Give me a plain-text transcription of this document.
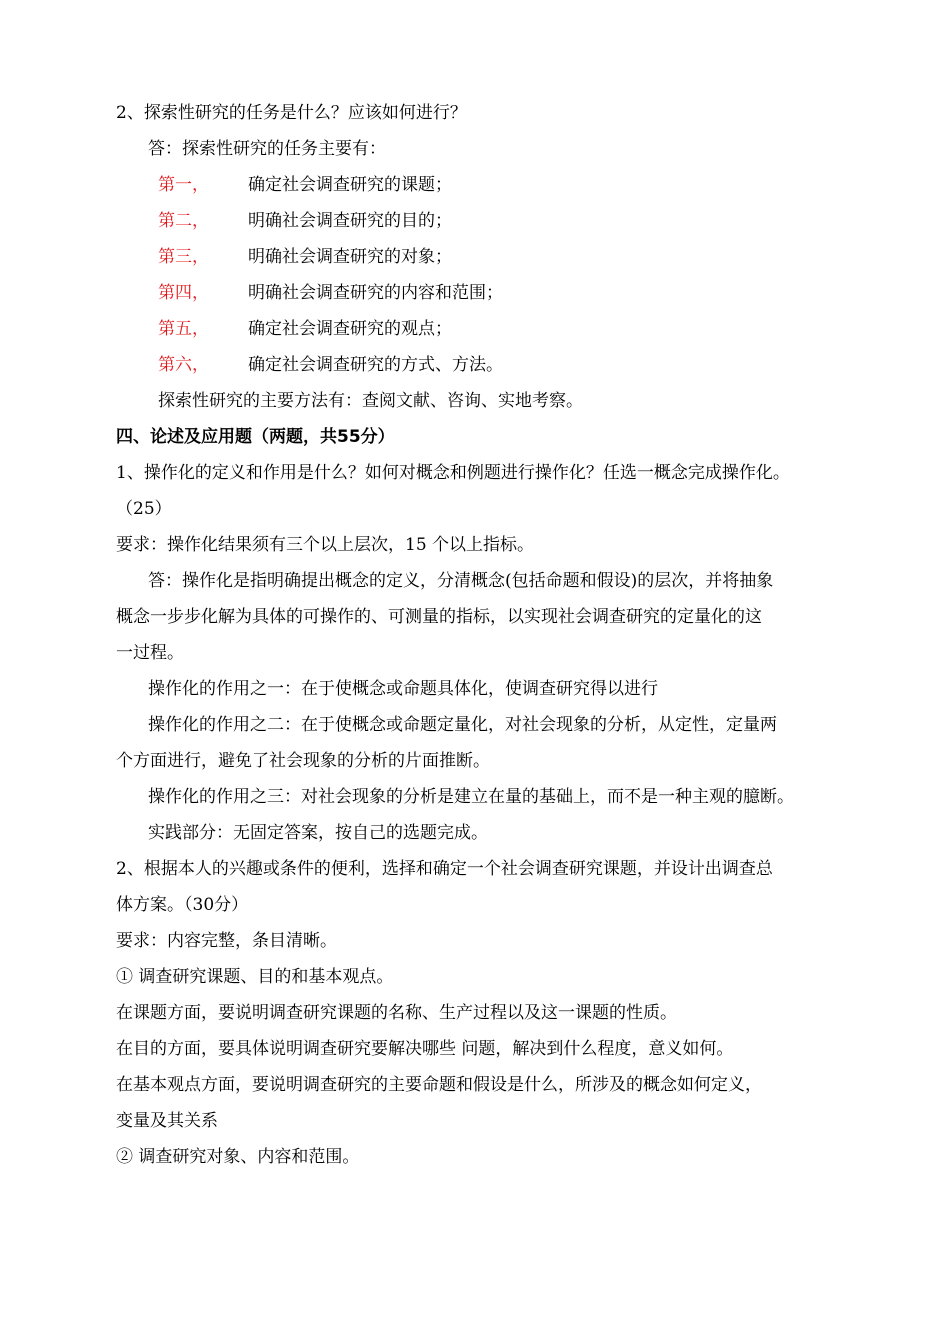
2、探索性研究的任务是什么？应该如何进行？
答：探索性研究的任务主要有：
第一， 确定社会调查研究的课题；
第二， 明确社会调查研究的目的；
第三， 明确社会调查研究的对象；
第四， 明确社会调查研究的内容和范围；
第五， 确定社会调查研究的观点；
第六， 确定社会调查研究的方式、方法。
探索性研究的主要方法有：查阅文献、咨询、实地考察。
四、论述及应用题（两题，共55分）
1、操作化的定义和作用是什么？如何对概念和例题进行操作化？任选一概念完成操作化。
（25）
要求：操作化结果须有三个以上层次，15 个以上指标。
答：操作化是指明确提出概念的定义，分清概念(包括命题和假设)的层次，并将抽象
概念一步步化解为具体的可操作的、可测量的指标，以实现社会调查研究的定量化的这
一过程。
操作化的作用之一：在于使概念或命题具体化，使调查研究得以进行
操作化的作用之二：在于使概念或命题定量化，对社会现象的分析，从定性，定量两
个方面进行，避免了社会现象的分析的片面推断。
操作化的作用之三：对社会现象的分析是建立在量的基础上，而不是一种主观的臆断。
实践部分：无固定答案，按自己的选题完成。
2、根据本人的兴趣或条件的便利，选择和确定一个社会调查研究课题，并设计出调查总
体方案。（30分）
要求：内容完整，条目清晰。
① 调查研究课题、目的和基本观点。
在课题方面，要说明调查研究课题的名称、生产过程以及这一课题的性质。
在目的方面，要具体说明调查研究要解决哪些 问题，解决到什么程度，意义如何。
在基本观点方面，要说明调查研究的主要命题和假设是什么，所涉及的概念如何定义，
变量及其关系
② 调查研究对象、内容和范围。
